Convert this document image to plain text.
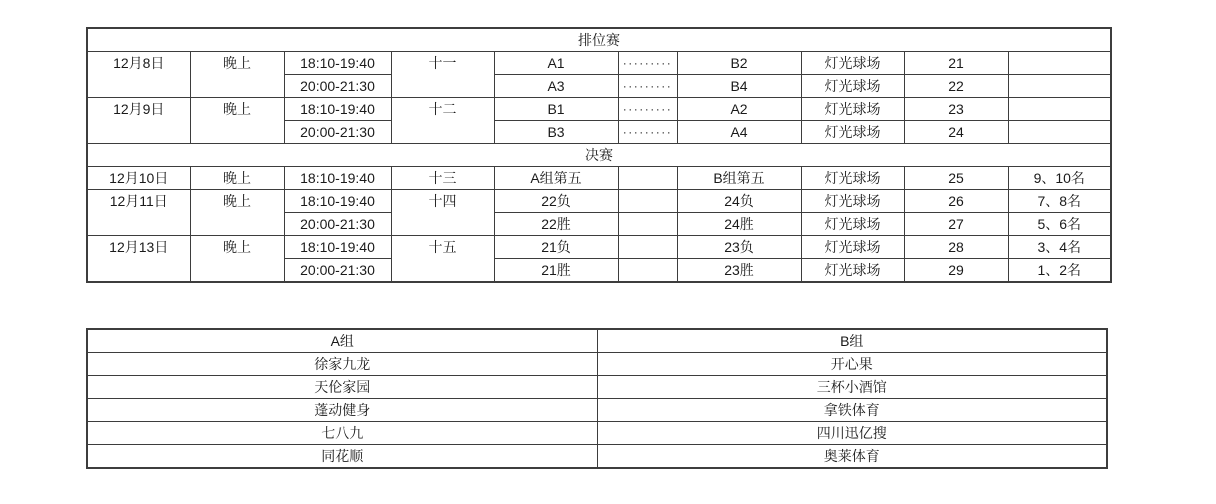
排位赛									
12月8日	晚上	18:10-19:40	十一	A1	·········	B2	灯光球场	21	
		20:00-21:30		A3	·········	B4	灯光球场	22	
12月9日	晚上	18:10-19:40	十二	B1	·········	A2	灯光球场	23	
		20:00-21:30		B3	·········	A4	灯光球场	24	
决赛									
12月10日	晚上	18:10-19:40	十三	A组第五		B组第五	灯光球场	25	9、10名
12月11日	晚上	18:10-19:40	十四	22负		24负	灯光球场	26	7、8名
		20:00-21:30		22胜		24胜	灯光球场	27	5、6名
12月13日	晚上	18:10-19:40	十五	21负		23负	灯光球场	28	3、4名
		20:00-21:30		21胜		23胜	灯光球场	29	1、2名
A组	B组
徐家九龙	开心果
天伦家园	三杯小酒馆
蓬动健身	拿铁体育
七八九	四川迅亿搜
同花顺	奥莱体育
